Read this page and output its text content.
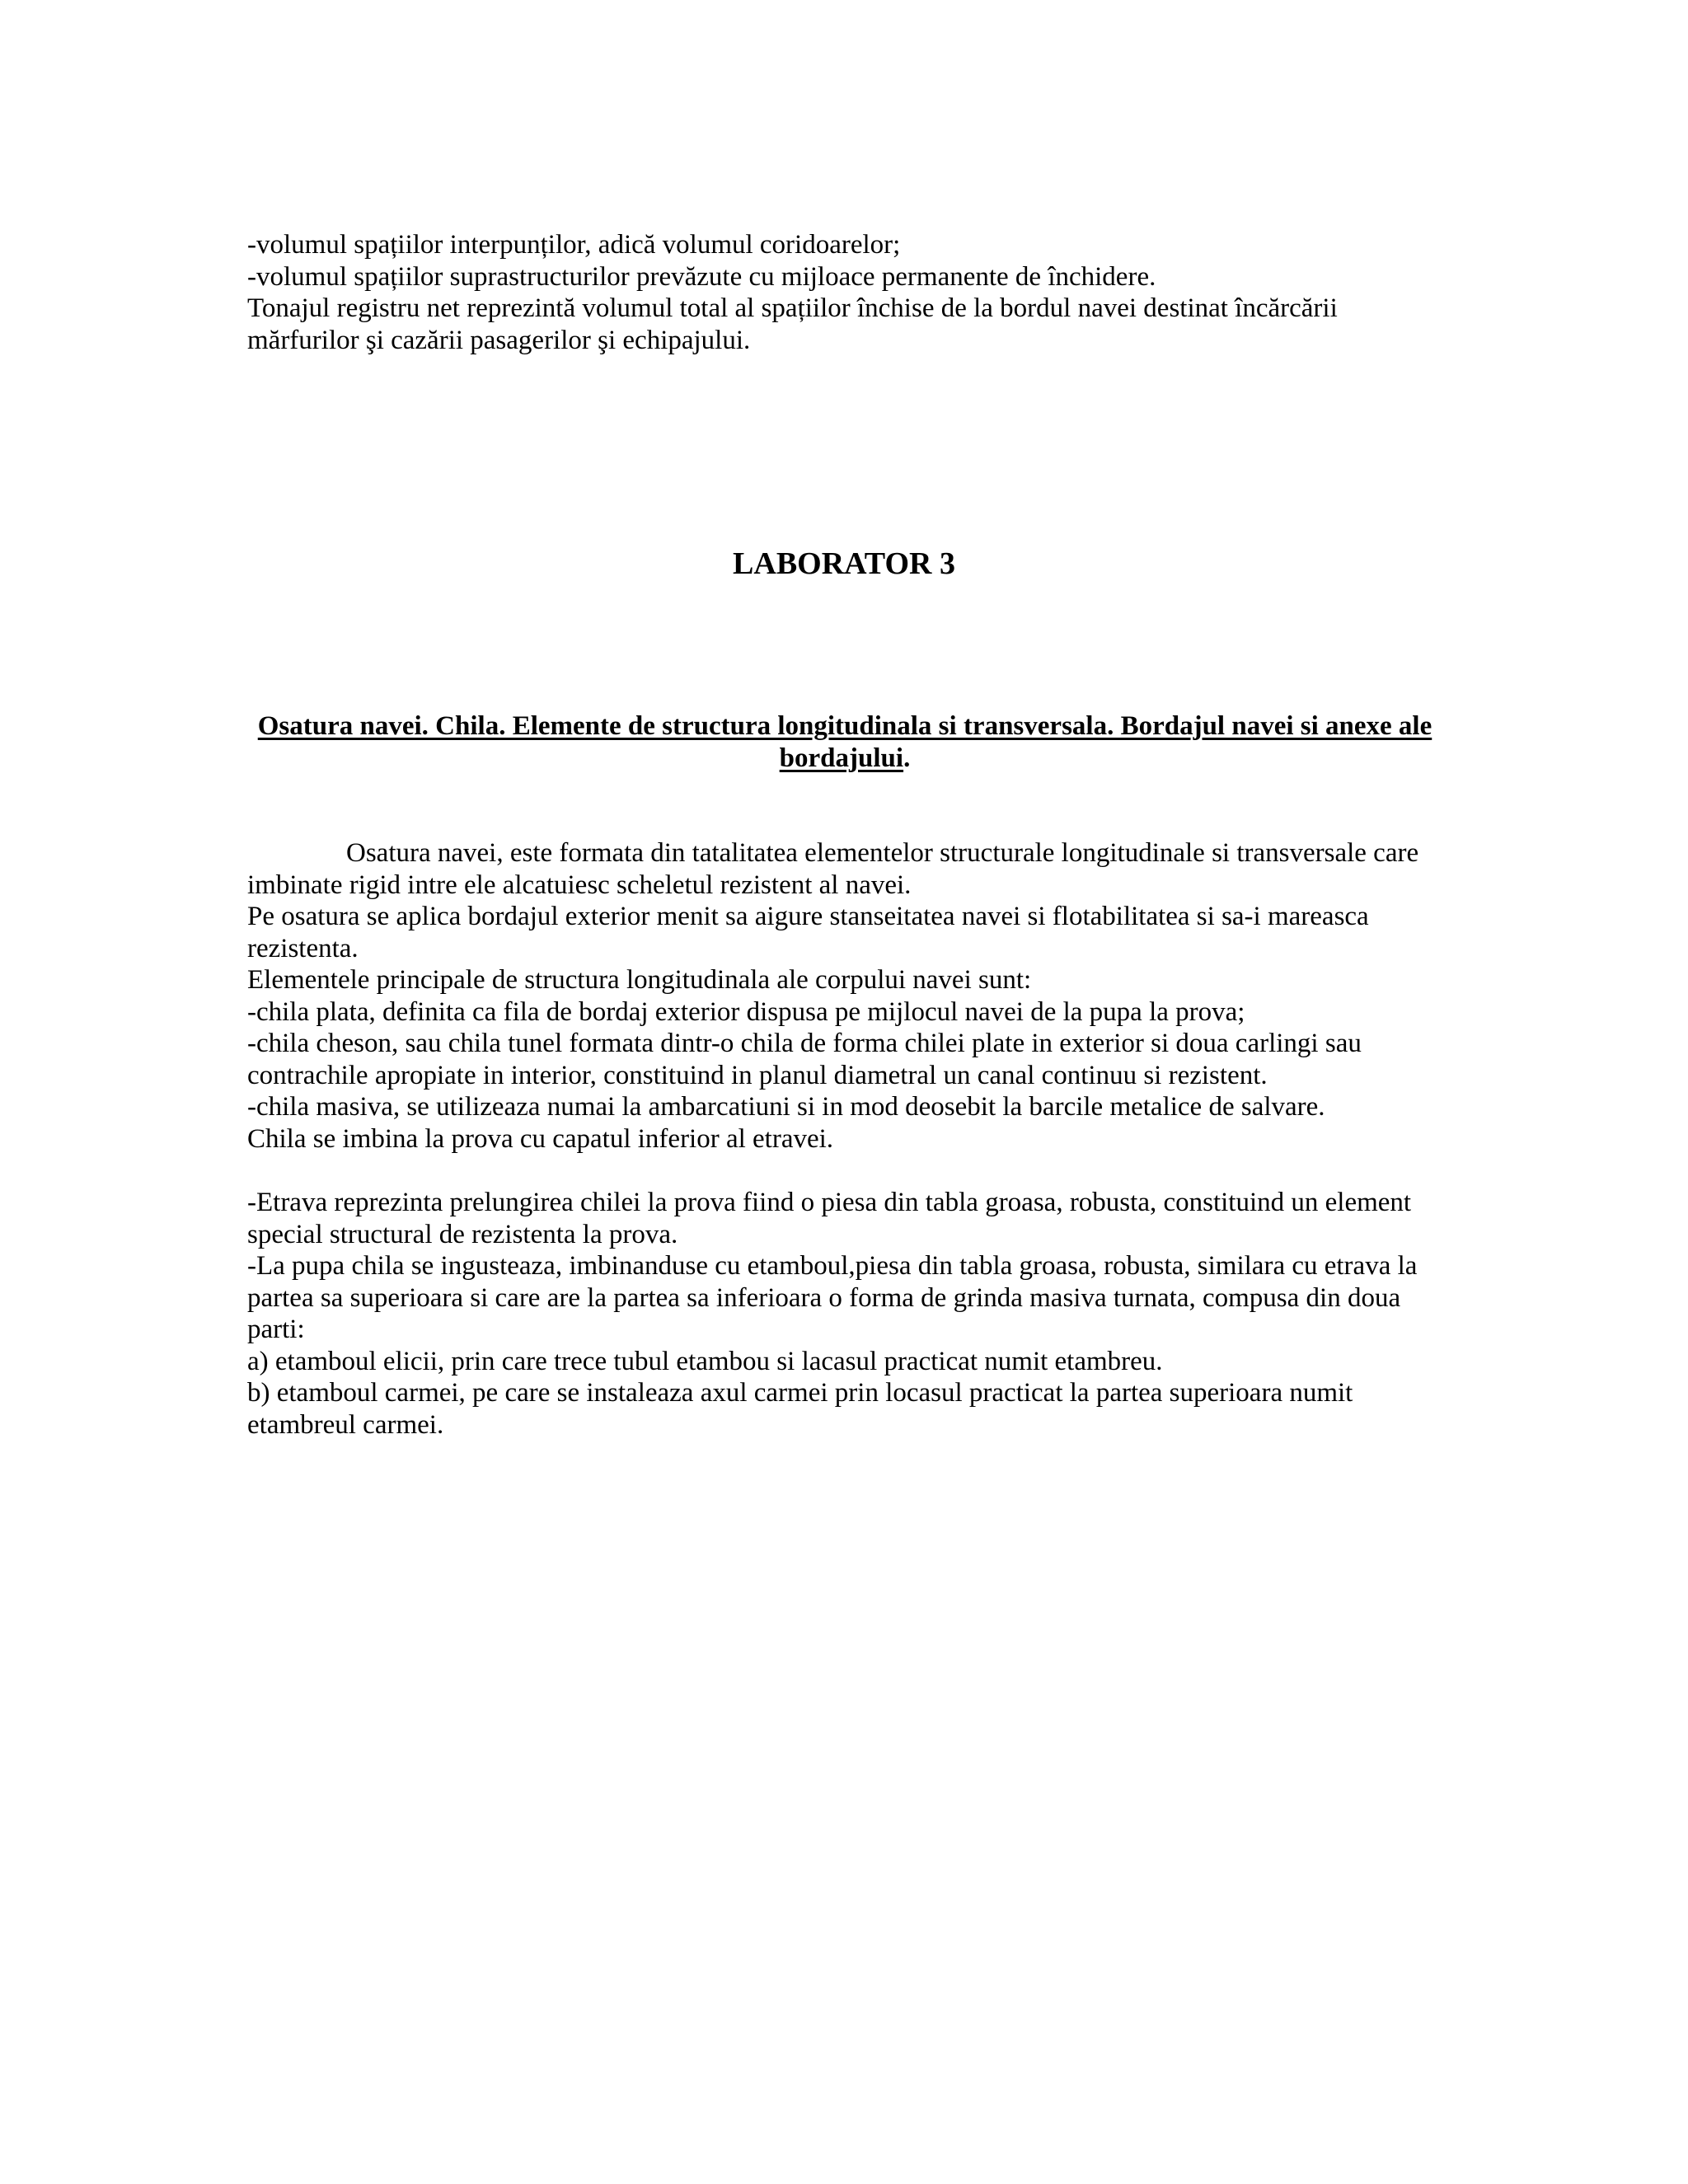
-volumul spațiilor interpunților, adică volumul coridoarelor;
-volumul spațiilor suprastructurilor prevăzute cu mijloace permanente de închidere.
Tonajul registru net reprezintă volumul total al spațiilor închise de la bordul navei destinat încărcării
mărfurilor şi cazării pasagerilor şi echipajului.
LABORATOR 3
Osatura navei. Chila. Elemente de structura longitudinala si transversala. Bordajul navei si anexe ale
bordajului.
Osatura navei, este formata din tatalitatea elementelor structurale longitudinale si transversale care
imbinate rigid intre ele alcatuiesc scheletul rezistent al navei.
Pe osatura se aplica bordajul exterior menit sa aigure stanseitatea navei si flotabilitatea si sa-i mareasca
rezistenta.
Elementele principale de structura longitudinala ale corpului navei sunt:
-chila plata, definita ca fila de bordaj exterior dispusa pe mijlocul navei de la pupa la prova;
-chila cheson, sau chila tunel formata dintr-o chila de forma chilei plate in exterior si doua carlingi sau
contrachile apropiate in interior, constituind in planul diametral un canal continuu si rezistent.
-chila masiva, se utilizeaza numai la ambarcatiuni si in mod deosebit la barcile metalice de salvare.
Chila se imbina la prova cu capatul inferior al etravei.
-Etrava reprezinta prelungirea chilei la prova fiind o piesa din tabla groasa, robusta, constituind un element
special structural de rezistenta la prova.
-La pupa chila se ingusteaza, imbinanduse cu etamboul,piesa din tabla groasa, robusta, similara cu etrava la
partea sa superioara si care are la partea sa inferioara o forma de grinda masiva turnata, compusa din doua
parti:
a) etamboul elicii, prin care trece tubul etambou si lacasul practicat numit etambreu.
b) etamboul carmei, pe care se instaleaza axul carmei prin locasul practicat la partea superioara numit
etambreul carmei.
